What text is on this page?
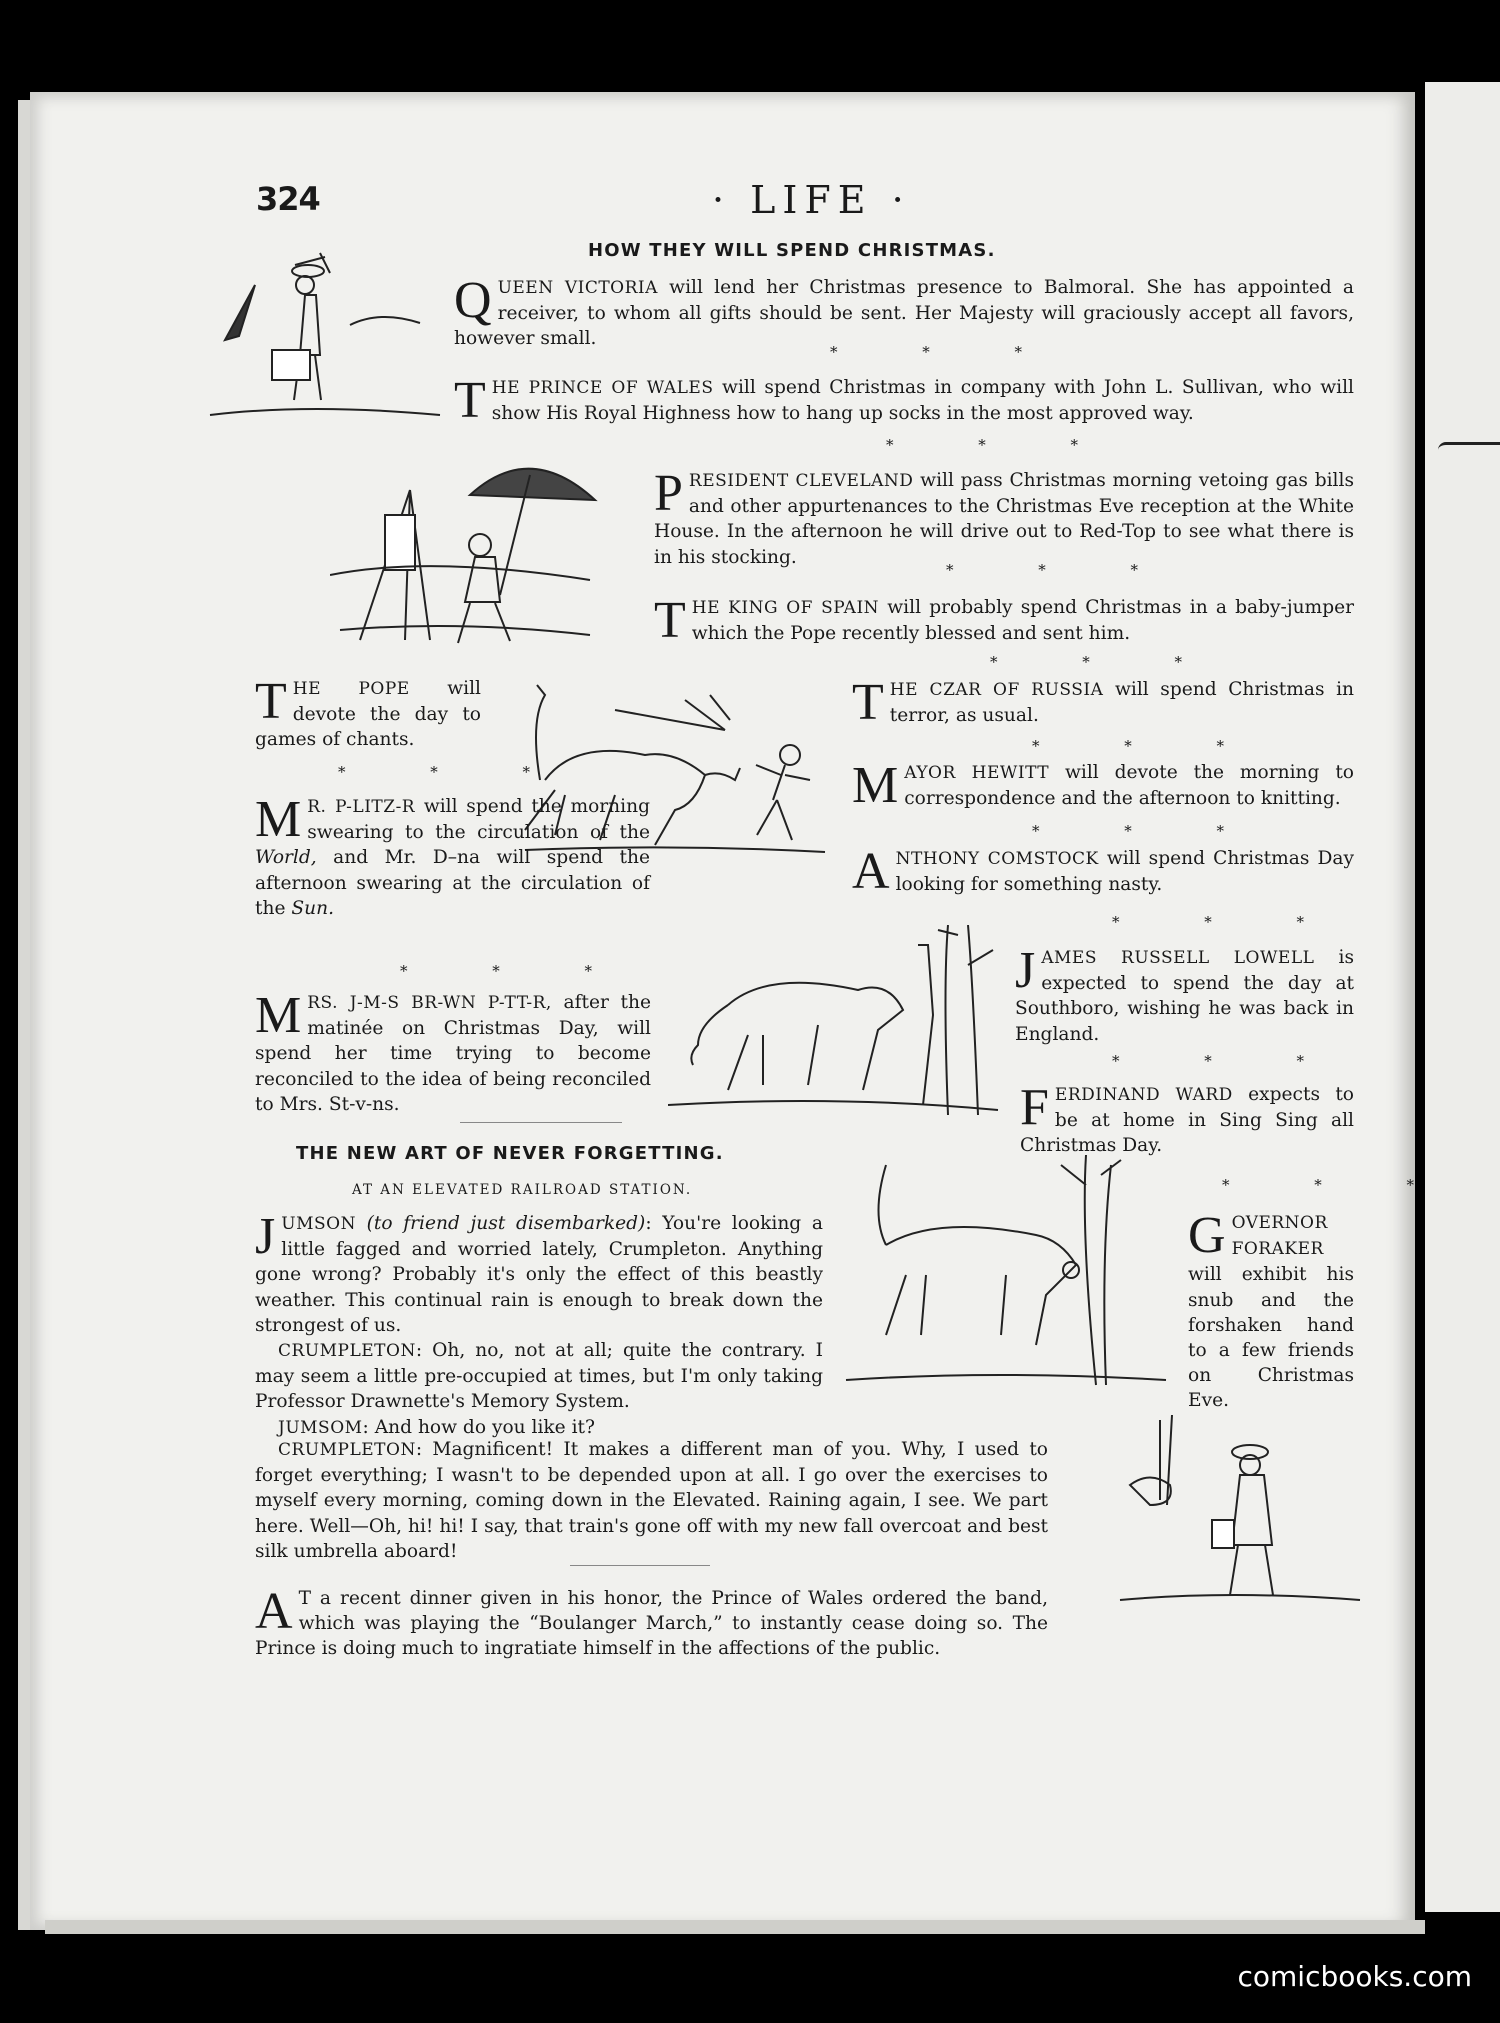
324	· LIFE ·
HOW THEY WILL SPEND CHRISTMAS.
QUEEN VICTORIA will lend her Christmas presence to Balmoral. She has appointed a receiver, to whom all gifts should be sent. Her Majesty will graciously accept all favors, however small.
* * *
THE PRINCE OF WALES will spend Christmas in company with John L. Sullivan, who will show His Royal Highness how to hang up socks in the most approved way.
* * *
PRESIDENT CLEVELAND will pass Christmas morning vetoing gas bills and other appurtenances to the Christmas Eve reception at the White House. In the afternoon he will drive out to Red-Top to see what there is in his stocking.
* * *
THE KING OF SPAIN will probably spend Christmas in a baby-jumper which the Pope recently blessed and sent him.
* * *
THE POPE will devote the day to games of chants.
* * *
M R. P-LITZ-R will spend the morning swearing to the circulation of the World, and Mr. D–na will spend the afternoon swearing at the circulation of the Sun.
* * *
MRS. J-M-S BR-WN P-TT-R, after the matinée on Christmas Day, will spend her time trying to become reconciled to the idea of being reconciled to Mrs. St-v-ns.
THE CZAR OF RUSSIA will spend Christmas in terror, as usual.
* * *
MAYOR HEWITT will devote the morning to correspondence and the afternoon to knitting.
* * *
ANTHONY COMSTOCK will spend Christmas Day looking for something nasty.
* * *
JAMES RUSSELL LOWELL is expected to spend the day at Southboro, wishing he was back in England.
* * *
FERDINAND WARD expects to be at home in Sing Sing all Christmas Day.
* * *
GOVERNOR FORAKER will exhibit his snub and the forshaken hand to a few friends on Christmas Eve.
THE NEW ART OF NEVER FORGETTING.
AT AN ELEVATED RAILROAD STATION.

JUMSON (to friend just disembarked): You're looking a little fagged and worried lately, Crumpleton. Anything gone wrong? Probably it's only the effect of this beastly weather. This continual rain is enough to break down the strongest of us.

CRUMPLETON: Oh, no, not at all; quite the contrary. I may seem a little pre-occupied at times, but I'm only taking Professor Drawnette's Memory System.

JUMSOM: And how do you like it?

CRUMPLETON: Magnificent! It makes a different man of you. Why, I used to forget everything; I wasn't to be depended upon at all. I go over the exercises to myself every morning, coming down in the Elevated. Raining again, I see. We part here. Well—Oh, hi! hi! I say, that train's gone off with my new fall overcoat and best silk umbrella aboard!

A T a recent dinner given in his honor, the Prince of Wales ordered the band, which was playing the “Boulanger March,” to instantly cease doing so. The Prince is doing much to ingratiate himself in the affections of the public.
comicbooks.com
